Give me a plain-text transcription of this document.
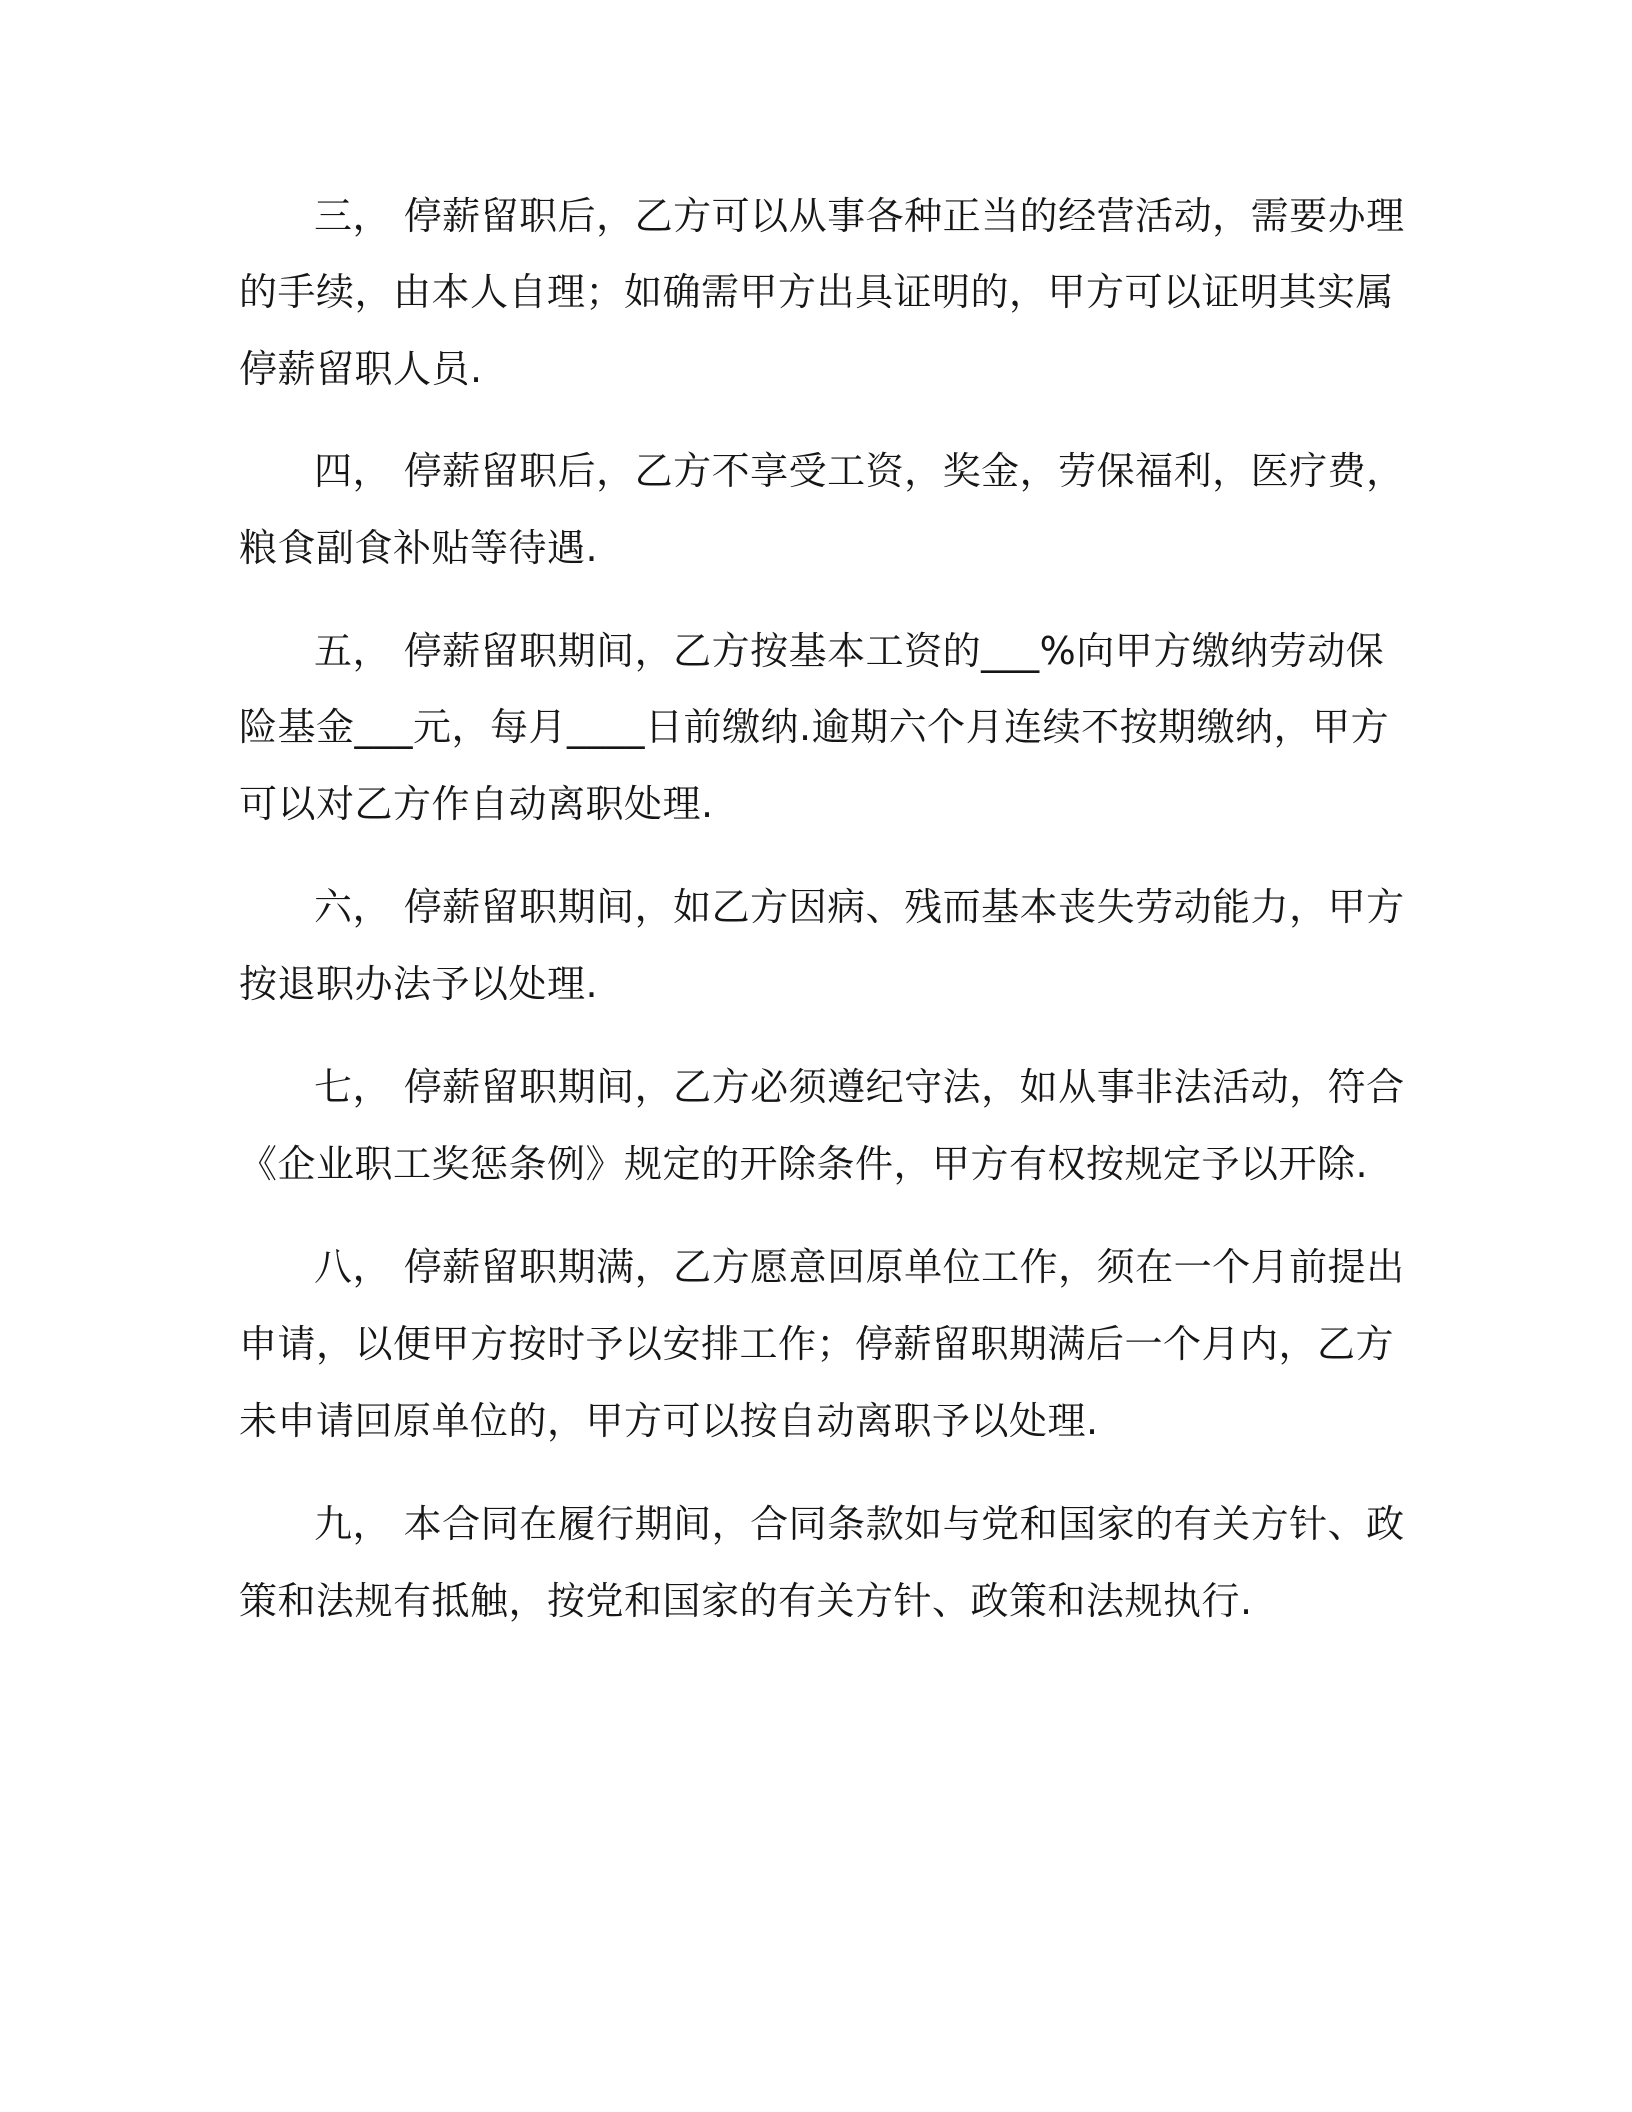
三， 停薪留职后，乙方可以从事各种正当的经营活动，需要办理
的手续，由本人自理；如确需甲方出具证明的，甲方可以证明其实属
停薪留职人员.
四， 停薪留职后，乙方不享受工资，奖金，劳保福利，医疗费，
粮食副食补贴等待遇.
五， 停薪留职期间，乙方按基本工资的___%向甲方缴纳劳动保
险基金___元，每月____日前缴纳.逾期六个月连续不按期缴纳，甲方
可以对乙方作自动离职处理.
六， 停薪留职期间，如乙方因病、残而基本丧失劳动能力，甲方
按退职办法予以处理.
七， 停薪留职期间，乙方必须遵纪守法，如从事非法活动，符合
《企业职工奖惩条例》规定的开除条件，甲方有权按规定予以开除.
八， 停薪留职期满，乙方愿意回原单位工作，须在一个月前提出
申请，以便甲方按时予以安排工作；停薪留职期满后一个月内，乙方
未申请回原单位的，甲方可以按自动离职予以处理.
九， 本合同在履行期间，合同条款如与党和国家的有关方针、政
策和法规有抵触，按党和国家的有关方针、政策和法规执行.
